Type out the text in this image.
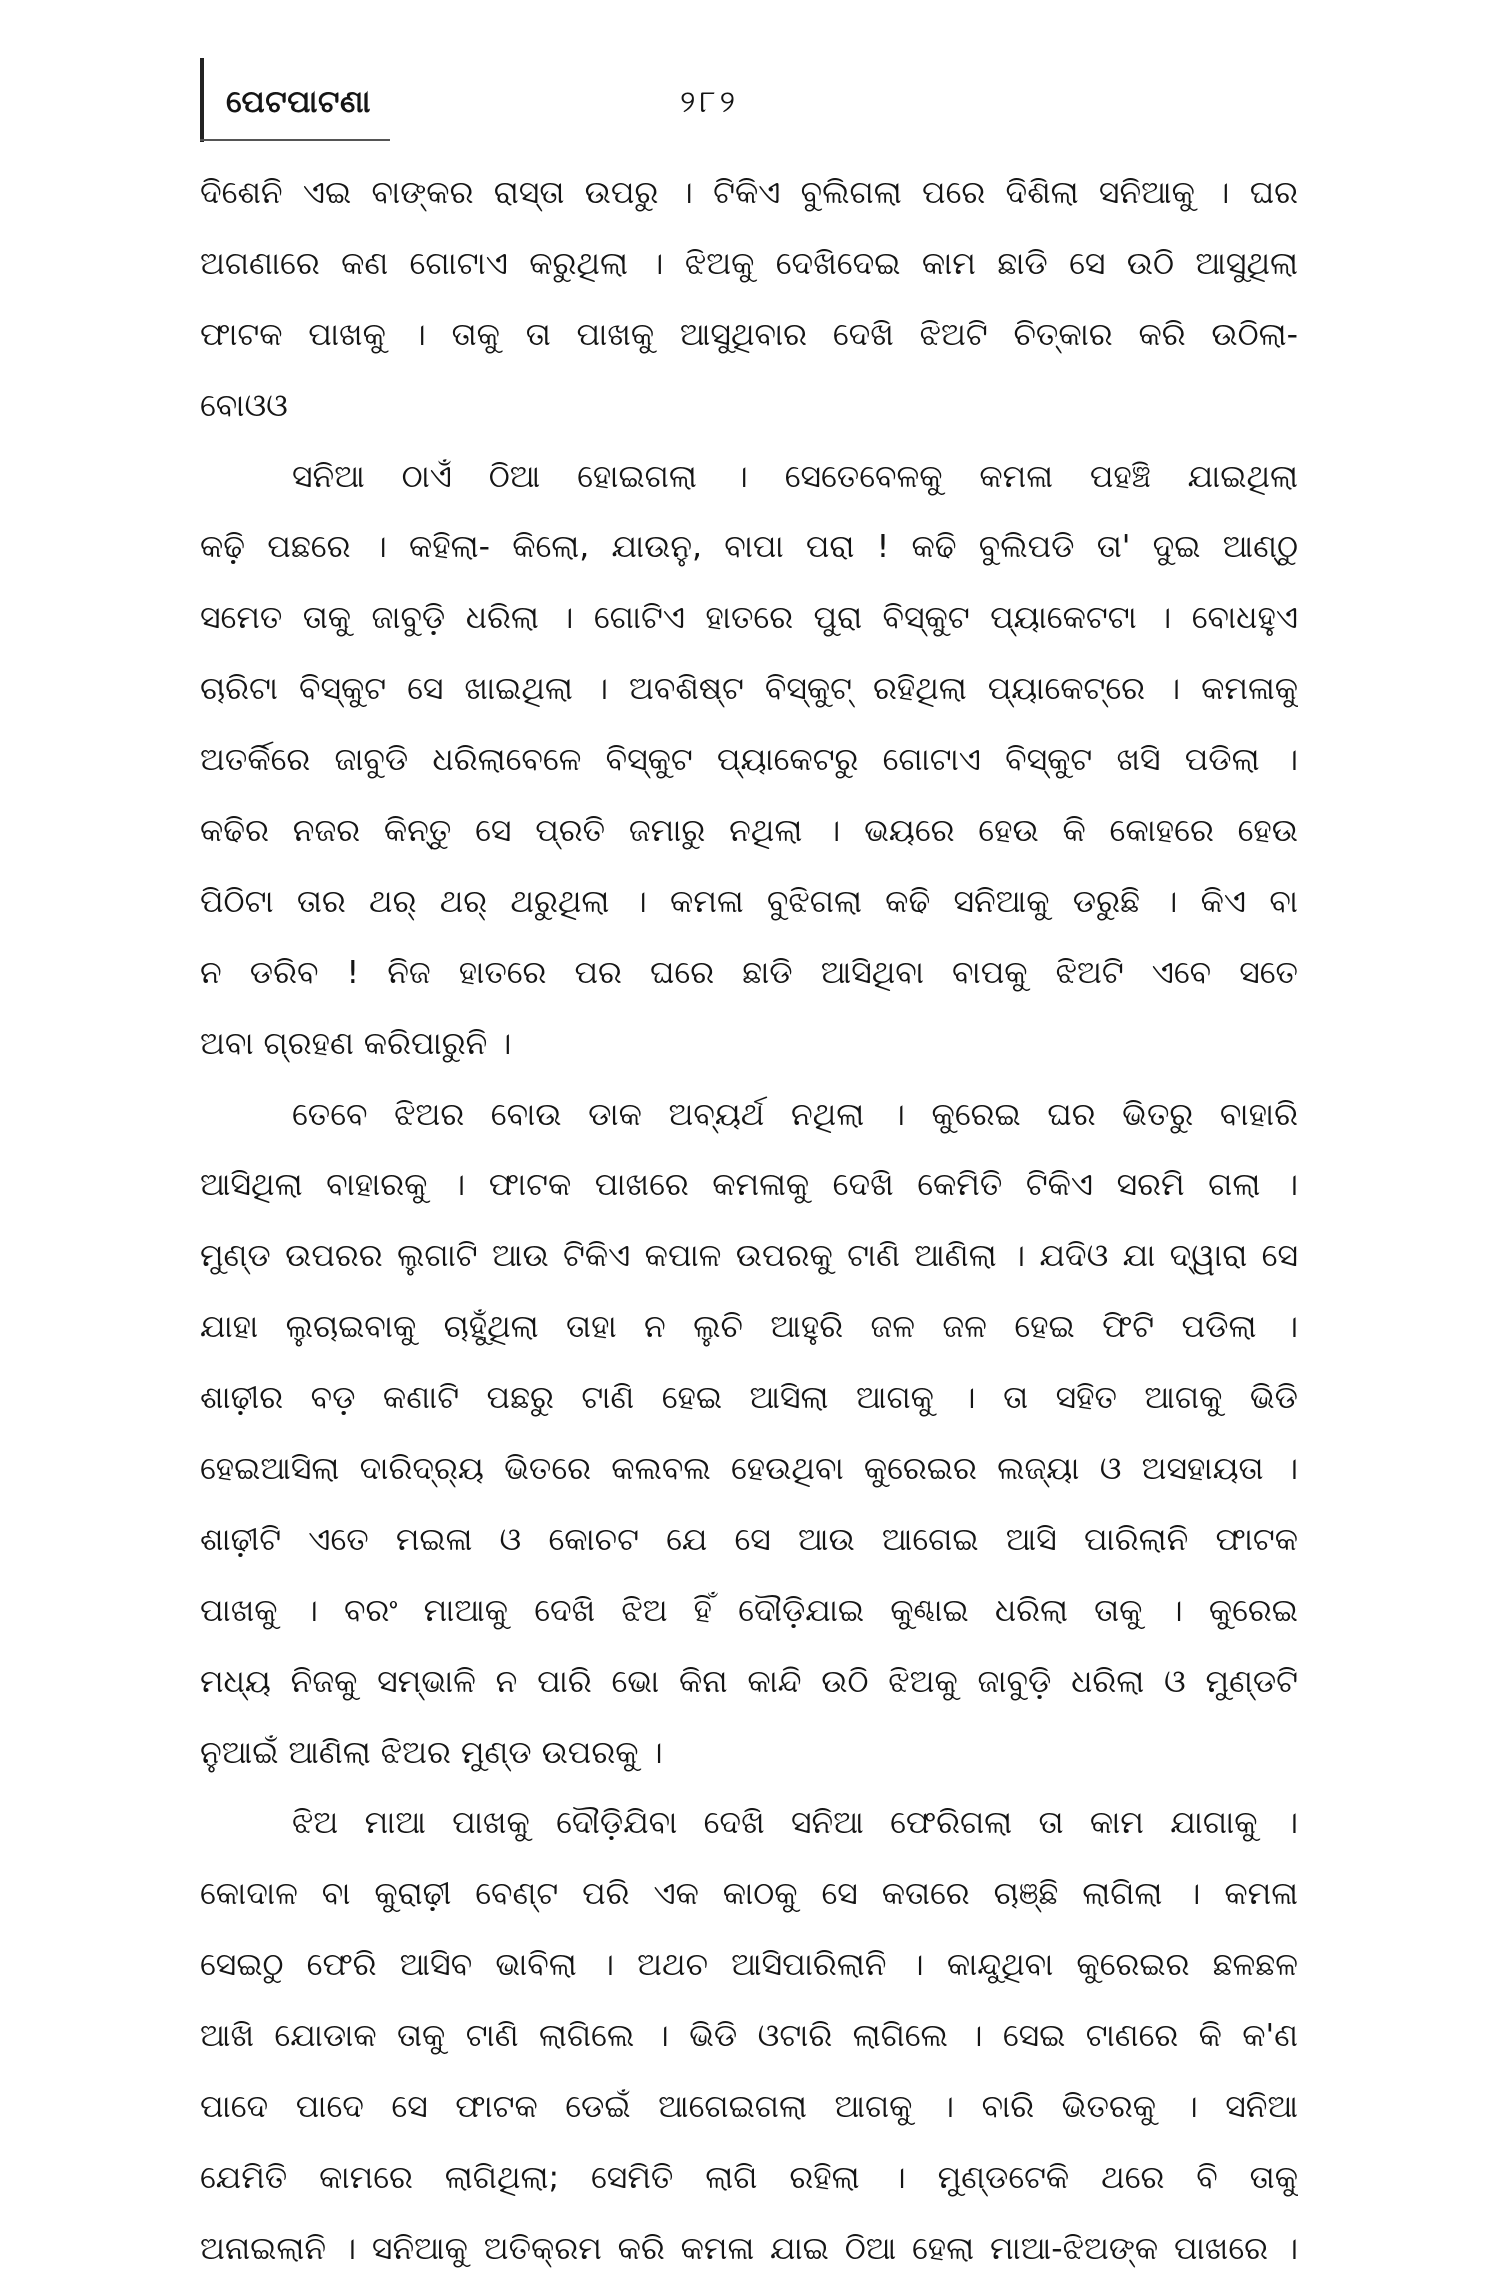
ପେଟପାଟଣା	୨୮୨
ଦିଶେନି ଏଇ ବାଙ୍କର ରାସ୍ତା ଉପରୁ । ଟିକିଏ ବୁଲିଗଲା ପରେ ଦିଶିଲା ସନିଆକୁ । ଘର
ଅଗଣାରେ କଣ ଗୋଟାଏ କରୁଥିଲା । ଝିଅକୁ ଦେଖିଦେଇ କାମ ଛାଡି ସେ ଉଠି ଆସୁଥିଲା
ଫାଟକ ପାଖକୁ । ତାକୁ ତା ପାଖକୁ ଆସୁଥିବାର ଦେଖି ଝିଅଟି ଚିତ୍କାର କରି ଉଠିଲା-
ବୋଓଓ
ସନିଆ ଠାଏଁ ଠିଆ ହୋଇଗଲା । ସେତେବେଳକୁ କମଳା ପହଞ୍ଚି ଯାଇଥିଲା
କଢ଼ି ପଛରେ । କହିଲା- କିଲୋ, ଯାଉନୁ, ବାପା ପରା ! କଢି ବୁଲିପଡି ତା' ଦୁଇ ଆଣ୍ଠୁ
ସମେତ ତାକୁ ଜାବୁଡ଼ି ଧରିଲା । ଗୋଟିଏ ହାତରେ ପୁରା ବିସ୍କୁଟ ପ୍ୟାକେଟଟା । ବୋଧହୁଏ
ଚାରିଟା ବିସ୍କୁଟ ସେ ଖାଇଥିଲା । ଅବଶିଷ୍ଟ ବିସ୍କୁଟ୍ ରହିଥିଲା ପ୍ୟାକେଟ୍‌ରେ । କମଳାକୁ
ଅତର୍କିରେ ଜାବୁଡି ଧରିଲାବେଳେ ବିସ୍କୁଟ ପ୍ୟାକେଟରୁ ଗୋଟାଏ ବିସ୍କୁଟ ଖସି ପଡିଲା ।
କଢିର ନଜର କିନ୍ତୁ ସେ ପ୍ରତି ଜମାରୁ ନଥିଲା । ଭୟରେ ହେଉ କି କୋହରେ ହେଉ
ପିଠିଟା ତାର ଥର୍ ଥର୍ ଥରୁଥିଲା । କମଳା ବୁଝିଗଲା କଢି ସନିଆକୁ ଡରୁଛି । କିଏ ବା
ନ ଡରିବ ! ନିଜ ହାତରେ ପର ଘରେ ଛାଡି ଆସିଥିବା ବାପକୁ ଝିଅଟି ଏବେ ସତେ
ଅବା ଗ୍ରହଣ କରିପାରୁନି ।
ତେବେ ଝିଅର ବୋଉ ଡାକ ଅବ୍ୟର୍ଥ ନଥିଲା । କୁରେଇ ଘର ଭିତରୁ ବାହାରି
ଆସିଥିଲା ବାହାରକୁ । ଫାଟକ ପାଖରେ କମଳାକୁ ଦେଖି କେମିତି ଟିକିଏ ସରମି ଗଲା ।
ମୁଣ୍ଡ ଉପରର ଲୁଗାଟି ଆଉ ଟିକିଏ କପାଳ ଉପରକୁ ଟାଣି ଆଣିଲା । ଯଦିଓ ଯା ଦ୍ୱାରା ସେ
ଯାହା ଲୁଚାଇବାକୁ ଚାହୁଁଥିଲା ତାହା ନ ଲୁଚି ଆହୁରି ଜଳ ଜଳ ହେଇ ଫିଟି ପଡିଲା ।
ଶାଢ଼ୀର ବଡ଼ କଣାଟି ପଛରୁ ଟାଣି ହେଇ ଆସିଲା ଆଗକୁ । ତା ସହିତ ଆଗକୁ ଭିଡି
ହେଇଆସିଲା ଦାରିଦ୍ର୍ୟ ଭିତରେ କଲବଲ ହେଉଥିବା କୁରେଇର ଲଜ୍ୟା ଓ ଅସହାୟତା ।
ଶାଢ଼ୀଟି ଏତେ ମଇଳା ଓ କୋଚଟ ଯେ ସେ ଆଉ ଆଗେଇ ଆସି ପାରିଲାନି ଫାଟକ
ପାଖକୁ । ବରଂ ମାଆକୁ ଦେଖି ଝିଅ ହିଁ ଦୌଡ଼ିଯାଇ କୁଣ୍ଢାଇ ଧରିଲା ତାକୁ । କୁରେଇ
ମଧ୍ୟ ନିଜକୁ ସମ୍ଭାଳି ନ ପାରି ଭୋ କିନା କାନ୍ଦି ଉଠି ଝିଅକୁ ଜାବୁଡ଼ି ଧରିଲା ଓ ମୁଣ୍ଡଟି
ନୁଆଇଁ ଆଣିଲା ଝିଅର ମୁଣ୍ଡ ଉପରକୁ ।
ଝିଅ ମାଆ ପାଖକୁ ଦୌଡ଼ିଯିବା ଦେଖି ସନିଆ ଫେରିଗଲା ତା କାମ ଯାଗାକୁ ।
କୋଦାଳ ବା କୁରାଢ଼ୀ ବେଣ୍ଟ ପରି ଏକ କାଠକୁ ସେ କତାରେ ଚାଞ୍ଛି ଲାଗିଲା । କମଳା
ସେଇଠୁ ଫେରି ଆସିବ ଭାବିଲା । ଅଥଚ ଆସିପାରିଲାନି । କାନ୍ଦୁଥିବା କୁରେଇର ଛଳଛଳ
ଆଖି ଯୋଡାକ ତାକୁ ଟାଣି ଲାଗିଲେ । ଭିଡି ଓଟାରି ଲାଗିଲେ । ସେଇ ଟାଣରେ କି କ'ଣ
ପାଦେ ପାଦେ ସେ ଫାଟକ ଡେଇଁ ଆଗେଇଗଲା ଆଗକୁ । ବାରି ଭିତରକୁ । ସନିଆ
ଯେମିତି କାମରେ ଲାଗିଥିଲା; ସେମିତି ଲାଗି ରହିଲା । ମୁଣ୍ଡଟେକି ଥରେ ବି ତାକୁ
ଅନାଇଲାନି । ସନିଆକୁ ଅତିକ୍ରମ କରି କମଳା ଯାଇ ଠିଆ ହେଲା ମାଆ-ଝିଅଙ୍କ ପାଖରେ ।
